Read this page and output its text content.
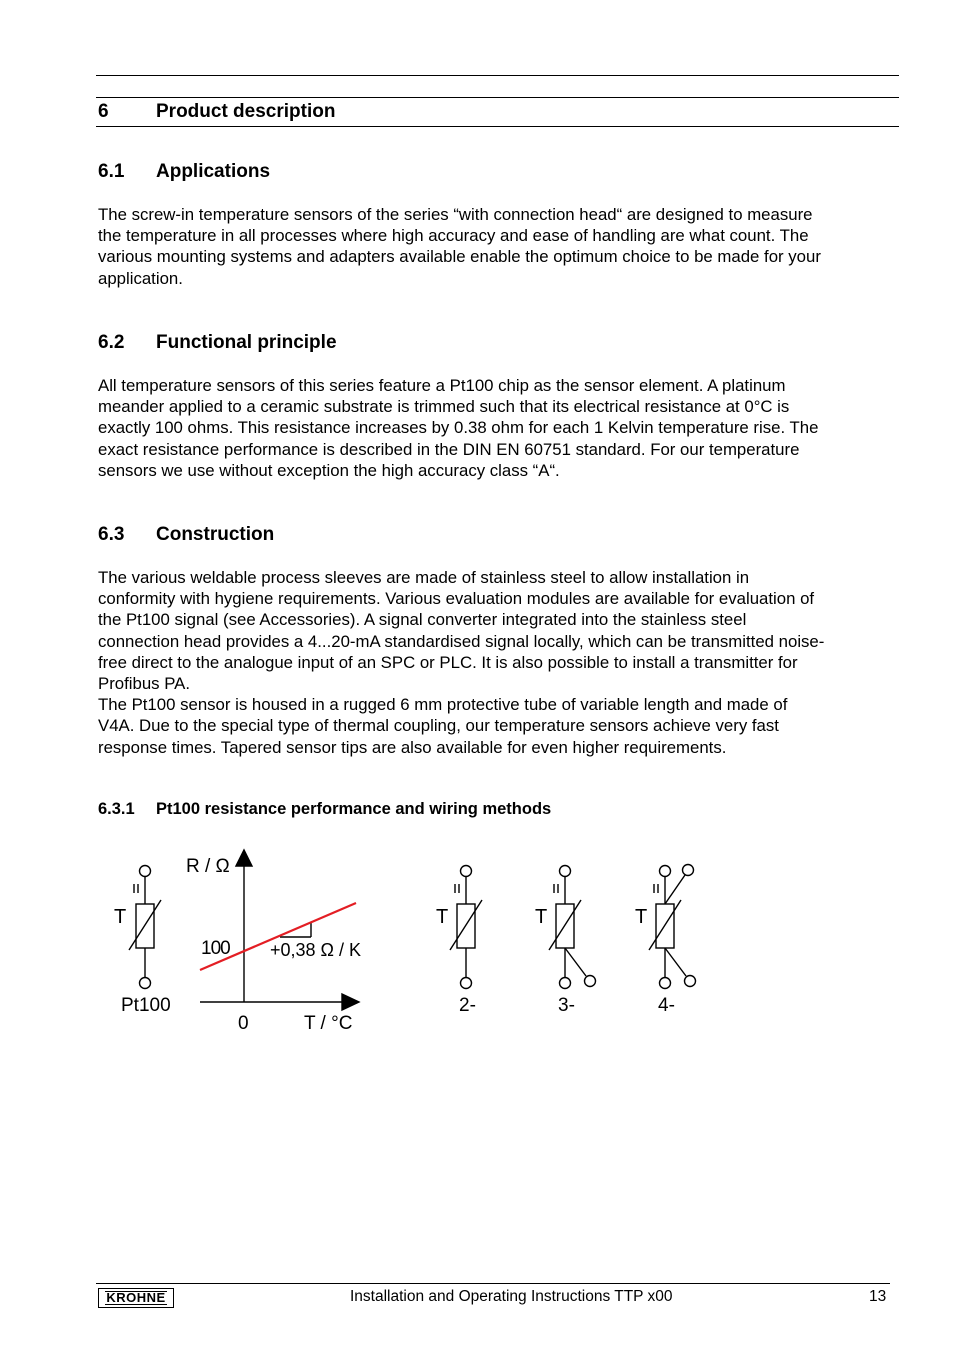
6 Product description
6.1 Applications
The screw-in temperature sensors of the series “with connection head“ are designed to measure
the temperature in all processes where high accuracy and ease of handling are what count. The
various mounting systems and adapters available enable the optimum choice to be made for your
application.
6.2 Functional principle
All temperature sensors of this series feature a Pt100 chip as the sensor element. A platinum
meander applied to a ceramic substrate is trimmed such that its electrical resistance at 0°C is
exactly 100 ohms. This resistance increases by 0.38 ohm for each 1 Kelvin temperature rise. The
exact resistance performance is described in the DIN EN 60751 standard. For our temperature
sensors we use without exception the high accuracy class “A“.
6.3 Construction
The various weldable process sleeves are made of stainless steel to allow installation in
conformity with hygiene requirements. Various evaluation modules are available for evaluation of
the Pt100 signal (see Accessories). A signal converter integrated into the stainless steel
connection head provides a 4...20-mA standardised signal locally, which can be transmitted noise-
free direct to the analogue input of an SPC or PLC. It is also possible to install a transmitter for
Profibus PA.
The Pt100 sensor is housed in a rugged 6 mm protective tube of variable length and made of
V4A. Due to the special type of thermal coupling, our temperature sensors achieve very fast
response times. Tapered sensor tips are also available for even higher requirements.
6.3.1 Pt100 resistance performance and wiring methods
T
Pt100
R / Ω
T / °C
0
100 +0,38 Ω / K
T
2-
T
3-
T
4-
KROHNE	Installation and Operating Instructions TTP x00	13
